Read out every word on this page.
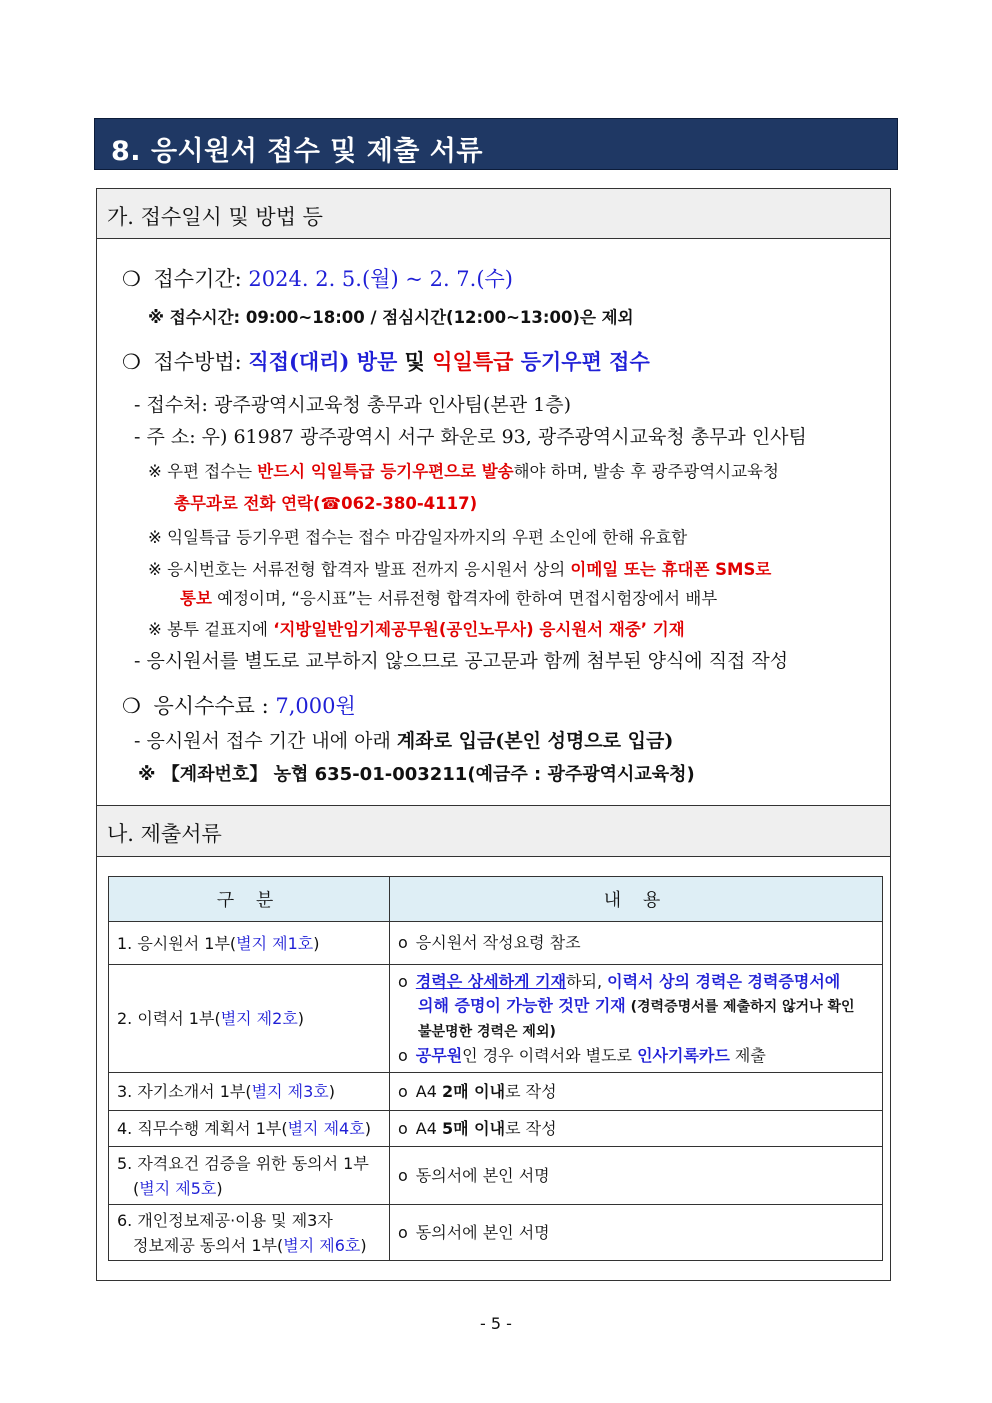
8. 응시원서 접수 및 제출 서류
가. 접수일시 및 방법 등
나. 제출서류
❍ 접수기간: 2024. 2. 5.(월) ~ 2. 7.(수)
※ 접수시간: 09:00~18:00 / 점심시간(12:00~13:00)은 제외
❍ 접수방법: 직접(대리) 방문 및 익일특급 등기우편 접수
- 접수처: 광주광역시교육청 총무과 인사팀(본관 1층)
- 주 소: 우) 61987 광주광역시 서구 화운로 93, 광주광역시교육청 총무과 인사팀
※ 우편 접수는 반드시 익일특급 등기우편으로 발송해야 하며, 발송 후 광주광역시교육청
총무과로 전화 연락(☎062-380-4117)
※ 익일특급 등기우편 접수는 접수 마감일자까지의 우편 소인에 한해 유효함
※ 응시번호는 서류전형 합격자 발표 전까지 응시원서 상의 이메일 또는 휴대폰 SMS로
통보 예정이며, “응시표”는 서류전형 합격자에 한하여 면접시험장에서 배부
※ 봉투 겉표지에 ‘지방일반임기제공무원(공인노무사) 응시원서 재중’ 기재
- 응시원서를 별도로 교부하지 않으므로 공고문과 함께 첨부된 양식에 직접 작성
❍ 응시수수료 : 7,000원
- 응시원서 접수 기간 내에 아래 계좌로 입금(본인 성명으로 입금)
※ 【계좌번호】 농협 635-01-003211(예금주 : 광주광역시교육청)
구 분	내 용
1. 응시원서 1부(별지 제1호)	o 응시원서 작성요령 참조
2. 이력서 1부(별지 제2호)	o 경력은 상세하게 기재하되, 이력서 상의 경력은 경력증명서에
의해 증명이 가능한 것만 기재 (경력증명서를 제출하지 않거나 확인
불분명한 경력은 제외)
o 공무원인 경우 이력서와 별도로 인사기록카드 제출

3. 자기소개서 1부(별지 제3호)	o A4 2매 이내로 작성
4. 직무수행 계획서 1부(별지 제4호)	o A4 5매 이내로 작성

5. 자격요건 검증을 위한 동의서 1부
(별지 제5호)	o 동의서에 본인 서명

6. 개인정보제공·이용 및 제3자
정보제공 동의서 1부(별지 제6호)	o 동의서에 본인 서명
- 5 -
